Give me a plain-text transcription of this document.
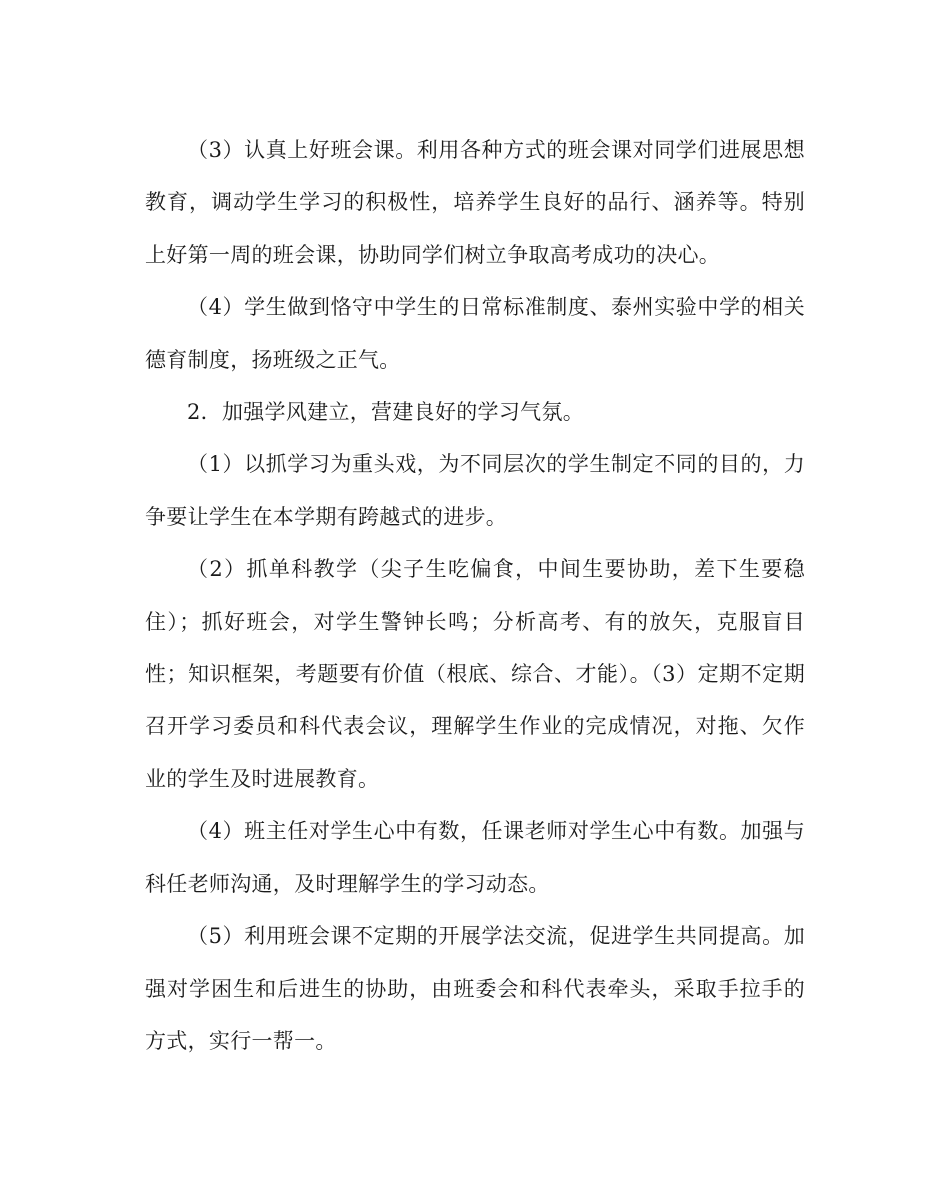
（3）认真上好班会课。利用各种方式的班会课对同学们进展思想教育，调动学生学习的积极性，培养学生良好的品行、涵养等。特别上好第一周的班会课，协助同学们树立争取高考成功的决心。

（4）学生做到恪守中学生的日常标准制度、泰州实验中学的相关德育制度，扬班级之正气。

2．加强学风建立，营建良好的学习气氛。

（1）以抓学习为重头戏，为不同层次的学生制定不同的目的，力争要让学生在本学期有跨越式的进步。

（2）抓单科教学（尖子生吃偏食，中间生要协助，差下生要稳住）；抓好班会，对学生警钟长鸣；分析高考、有的放矢，克服盲目性；知识框架，考题要有价值（根底、综合、才能）。（3）定期不定期召开学习委员和科代表会议，理解学生作业的完成情况，对拖、欠作业的学生及时进展教育。

（4）班主任对学生心中有数，任课老师对学生心中有数。加强与科任老师沟通，及时理解学生的学习动态。

（5）利用班会课不定期的开展学法交流，促进学生共同提高。加强对学困生和后进生的协助，由班委会和科代表牵头，采取手拉手的方式，实行一帮一。
